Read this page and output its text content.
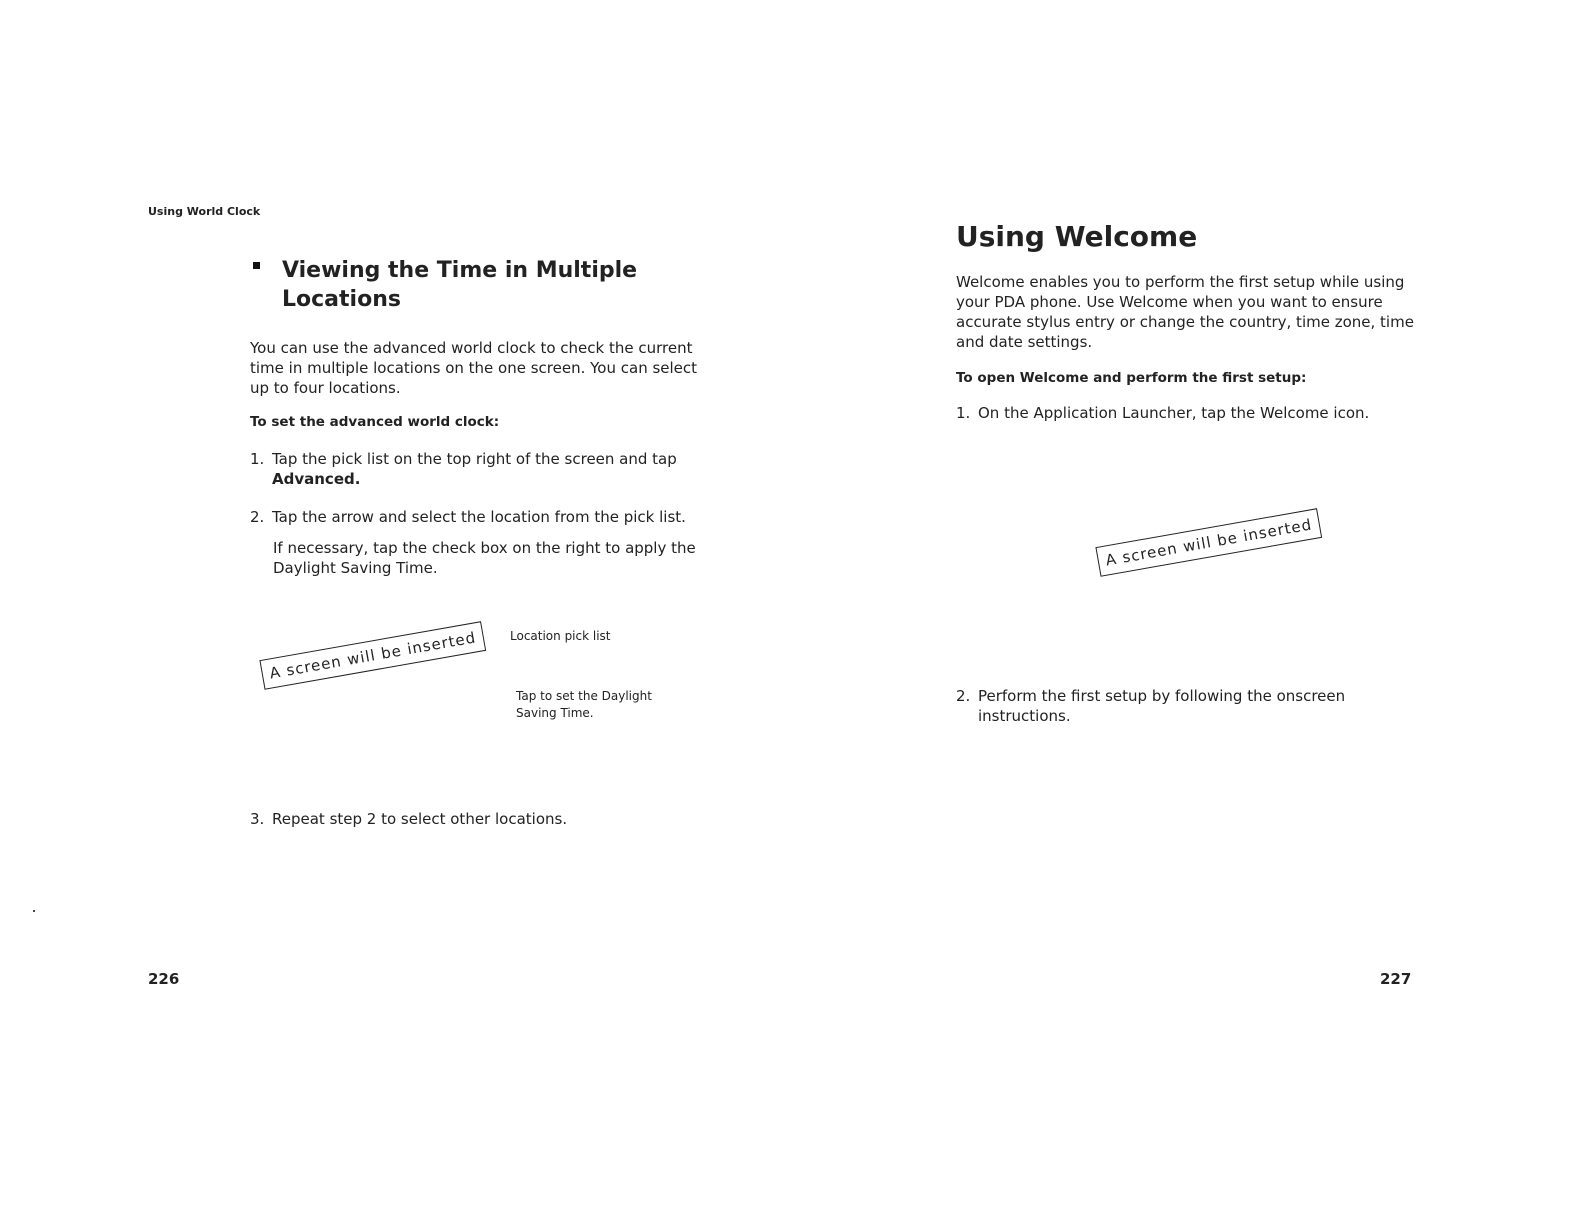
Using World Clock
Viewing the Time in Multiple Locations
You can use the advanced world clock to check the current time in multiple locations on the one screen. You can select up to four locations.
To set the advanced world clock:
1. Tap the pick list on the top right of the screen and tap
Advanced.
2. Tap the arrow and select the location from the pick list.
If necessary, tap the check box on the right to apply the Daylight Saving Time.
A screen will be inserted	Location pick list
Tap to set the Daylight Saving Time.
3. Repeat step 2 to select other locations.
226
Using Welcome
Welcome enables you to perform the first setup while using your PDA phone. Use Welcome when you want to ensure accurate stylus entry or change the country, time zone, time and date settings.
To open Welcome and perform the first setup:
1. On the Application Launcher, tap the Welcome icon.
A screen will be inserted
2. Perform the first setup by following the onscreen instructions.
227
